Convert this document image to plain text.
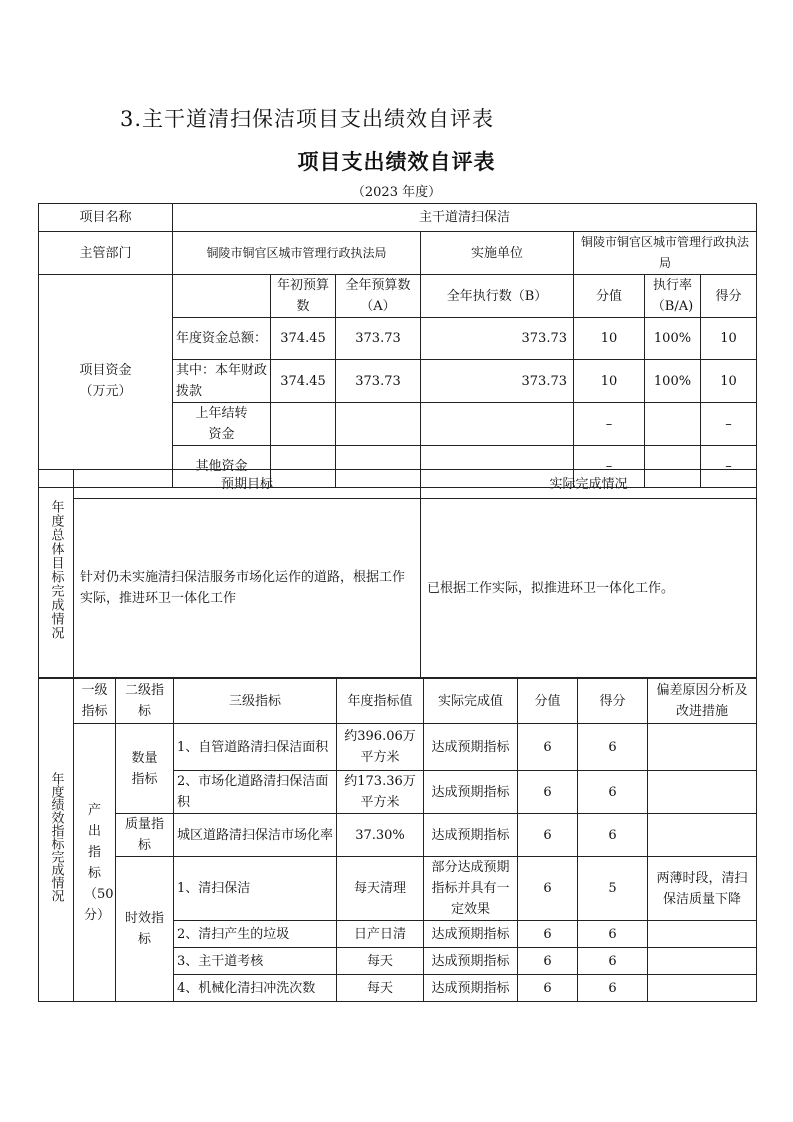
3.主干道清扫保洁项目支出绩效自评表
项目支出绩效自评表
（2023 年度）
项目名称	主干道清扫保洁						
主管部门	铜陵市铜官区城市管理行政执法局			实施单位	铜陵市铜官区城市管理行政执法局		
项目资金（万元）		年初预算数	全年预算数（A）	全年执行数（B）	分值	执行率（B/A)	得分
	年度资金总额：	374.45	373.73	373.73	10	100%	10
	其中：本年财政拨款	374.45	373.73	373.73	10	100%	10
	上年结转资金				–		–
	其他资金				–		–
年度总体目标完成情况	预期目标	实际完成情况
	针对仍未实施清扫保洁服务市场化运作的道路，根据工作实际，推进环卫一体化工作	已根据工作实际，拟推进环卫一体化工作。
年度绩效指标完成情况	一级指标	二级指标	三级指标	年度指标值	实际完成值	分值	得分	偏差原因分析及改进措施
	产出指标（50分）	数量指标	1、自管道路清扫保洁面积	约396.06万平方米	达成预期指标	6	6	
			2、市场化道路清扫保洁面积	约173.36万平方米	达成预期指标	6	6	
		质量指标	城区道路清扫保洁市场化率	37.30%	达成预期指标	6	6	
		时效指标	1、清扫保洁	每天清理	部分达成预期指标并具有一定效果	6	5	两薄时段，清扫保洁质量下降
			2、清扫产生的垃圾	日产日清	达成预期指标	6	6	
			3、主干道考核	每天	达成预期指标	6	6	
			4、机械化清扫冲洗次数	每天	达成预期指标	6	6	
